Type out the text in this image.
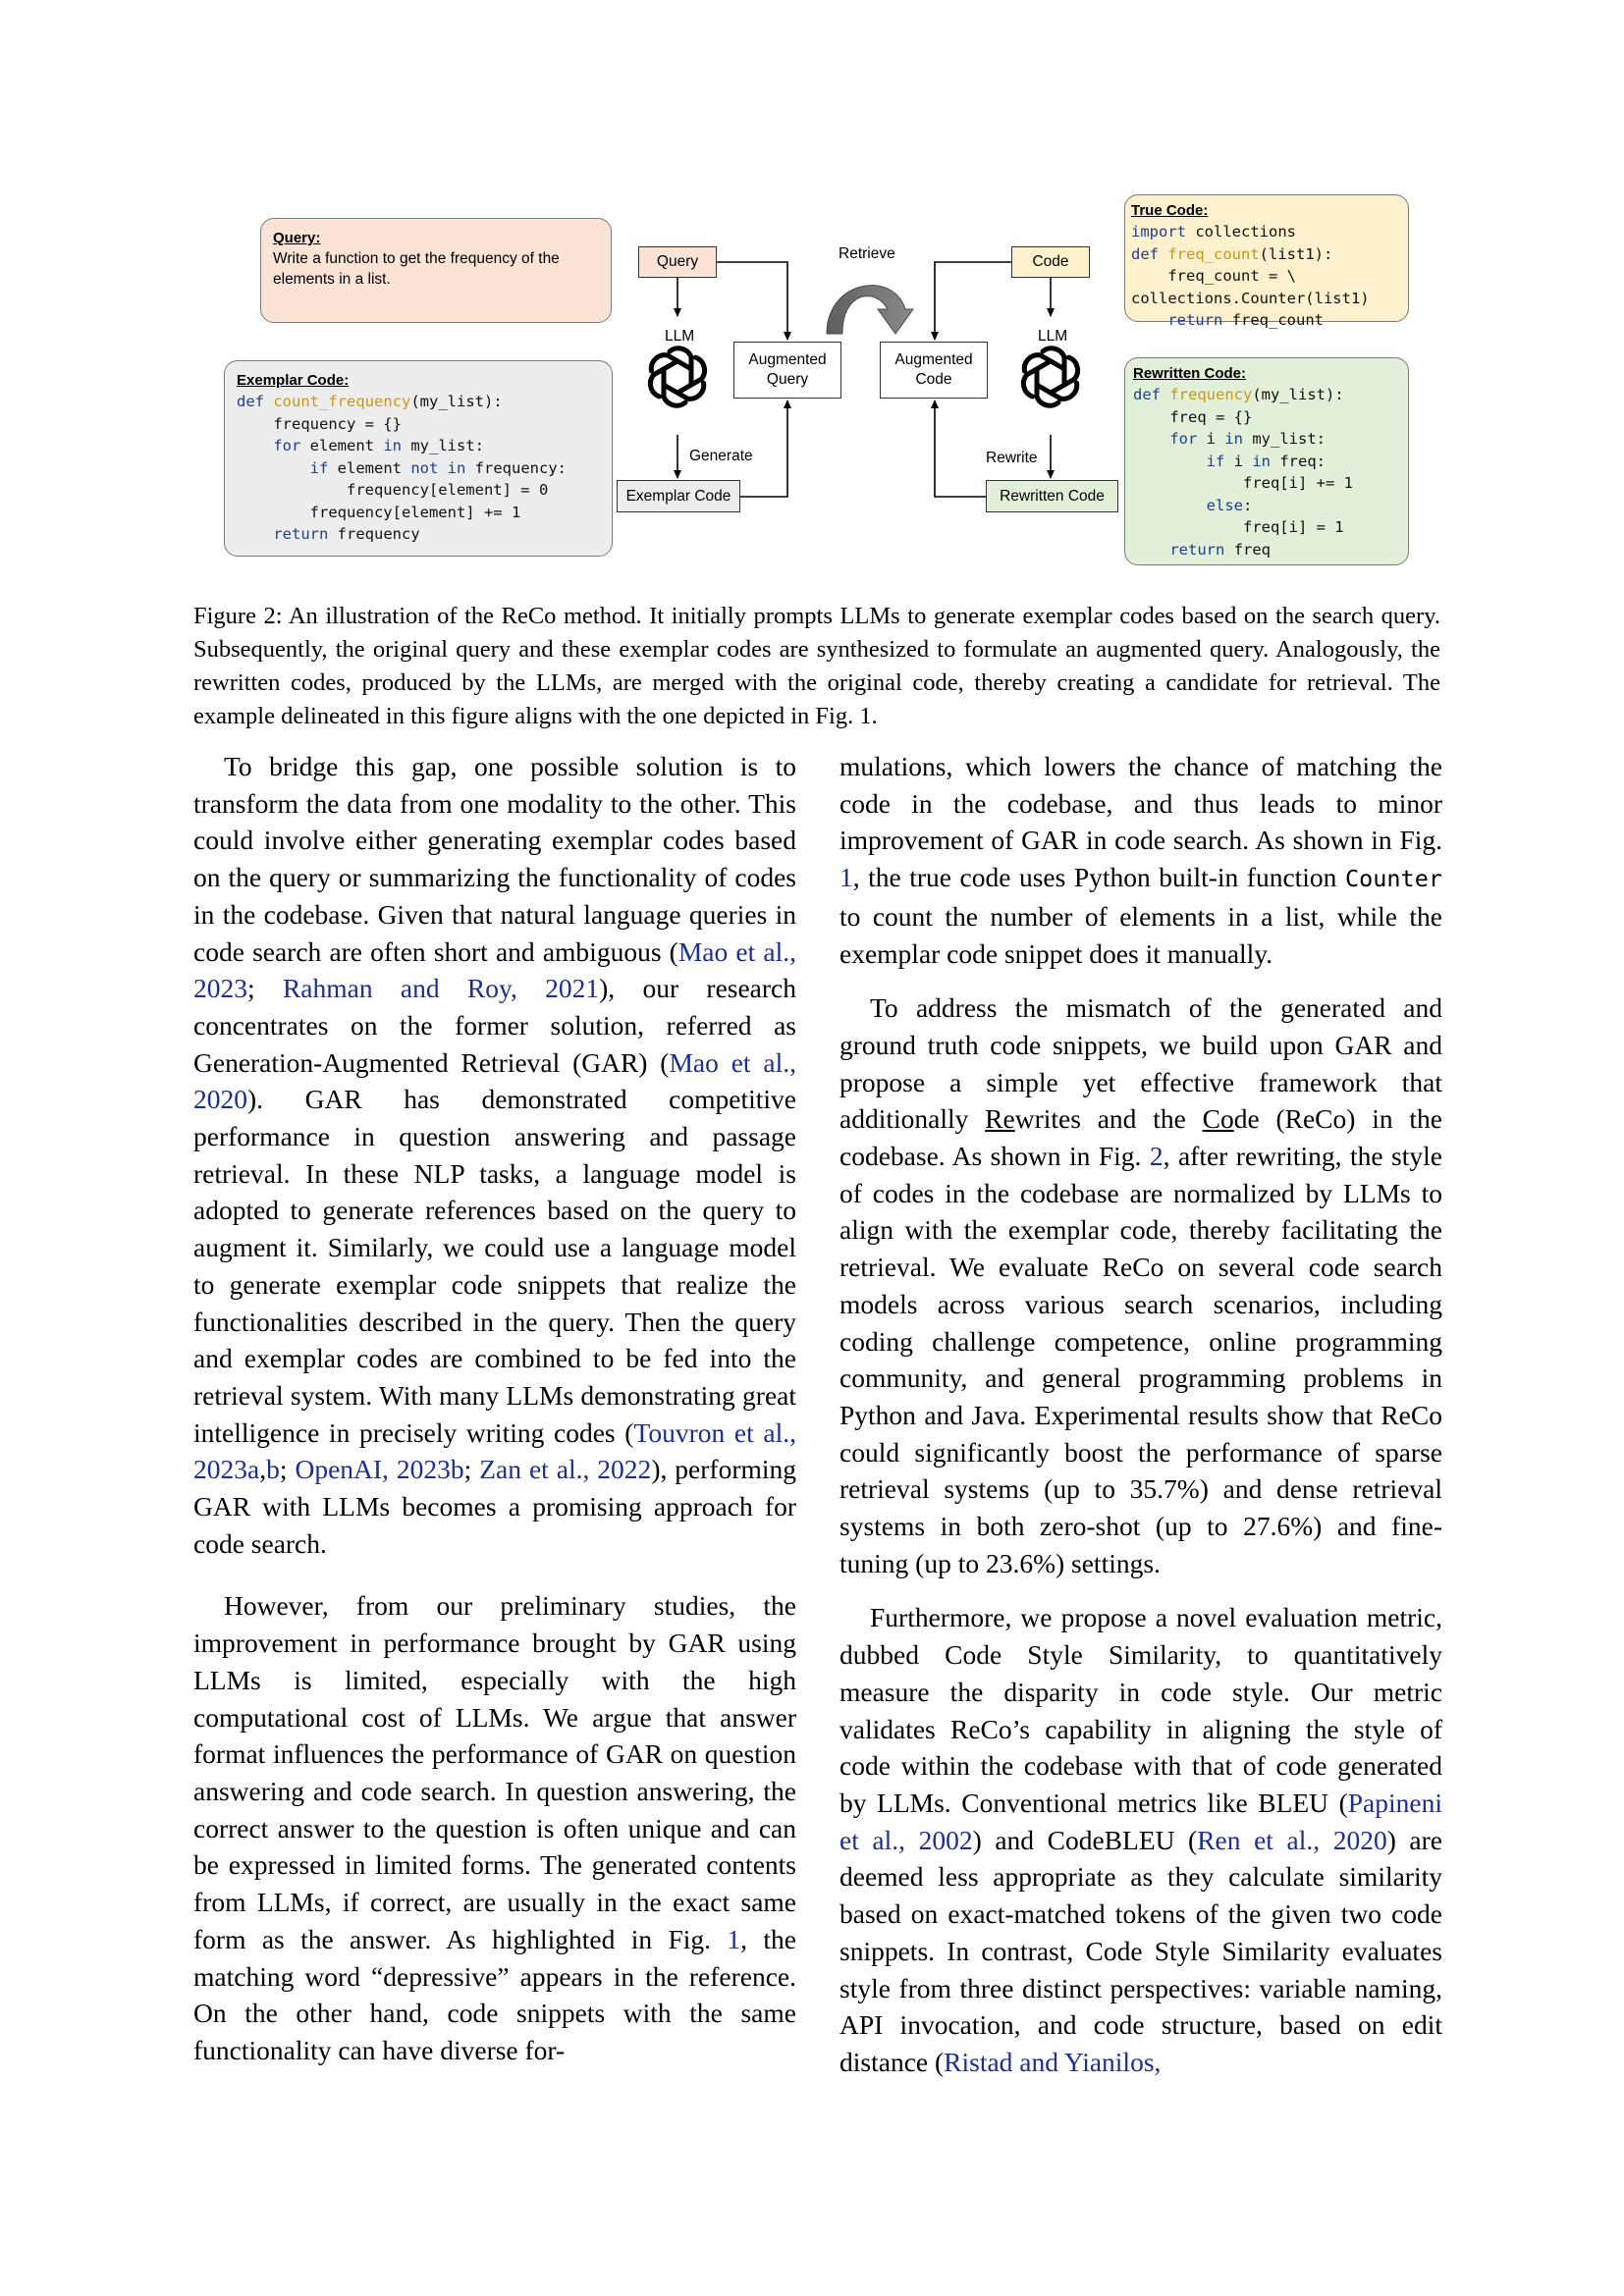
Query:
Write a function to get the frequency of the elements in a list.
Exemplar Code:
def count_frequency(my_list):
frequency = {}
for element in my_list:
if element not in frequency:
frequency[element] = 0
frequency[element] += 1
return frequency
True Code:
import collections
def freq_count(list1):
freq_count = \
collections.Counter(list1)
return freq_count
Rewritten Code:
def frequency(my_list):
freq = {}
for i in my_list:
if i in freq:
freq[i] += 1
else:
freq[i] = 1
return freq
Query	Code
Augmented Query
Augmented Code
Exemplar Code	Rewritten Code
LLM	LLM
Generate	Rewrite
Retrieve
Figure 2: An illustration of the ReCo method. It initially prompts LLMs to generate exemplar codes based on the search query. Subsequently, the original query and these exemplar codes are synthesized to formulate an augmented query. Analogously, the rewritten codes, produced by the LLMs, are merged with the original code, thereby creating a candidate for retrieval. The example delineated in this figure aligns with the one depicted in Fig. 1.

To bridge this gap, one possible solution is to transform the data from one modality to the other. This could involve either generating exemplar codes based on the query or summarizing the functionality of codes in the codebase. Given that natural language queries in code search are often short and ambiguous (Mao et al., 2023; Rahman and Roy, 2021), our research concentrates on the former solution, referred as Generation-Augmented Retrieval (GAR) (Mao et al., 2020). GAR has demonstrated competitive performance in question answering and passage retrieval. In these NLP tasks, a language model is adopted to generate references based on the query to augment it. Similarly, we could use a language model to generate exemplar code snippets that realize the functionalities described in the query. Then the query and exemplar codes are combined to be fed into the retrieval system. With many LLMs demonstrating great intelligence in precisely writing codes (Touvron et al., 2023a,b; OpenAI, 2023b; Zan et al., 2022), performing GAR with LLMs becomes a promising approach for code search.

However, from our preliminary studies, the improvement in performance brought by GAR using LLMs is limited, especially with the high computational cost of LLMs. We argue that answer format influences the performance of GAR on question answering and code search. In question answering, the correct answer to the question is often unique and can be expressed in limited forms. The generated contents from LLMs, if correct, are usually in the exact same form as the answer. As highlighted in Fig. 1, the matching word “depressive” appears in the reference. On the other hand, code snippets with the same functionality can have diverse for-

mulations, which lowers the chance of matching the code in the codebase, and thus leads to minor improvement of GAR in code search. As shown in Fig. 1, the true code uses Python built-in function Counter to count the number of elements in a list, while the exemplar code snippet does it manually.

To address the mismatch of the generated and ground truth code snippets, we build upon GAR and propose a simple yet effective framework that additionally Rewrites and the Code (ReCo) in the codebase. As shown in Fig. 2, after rewriting, the style of codes in the codebase are normalized by LLMs to align with the exemplar code, thereby facilitating the retrieval. We evaluate ReCo on several code search models across various search scenarios, including coding challenge competence, online programming community, and general programming problems in Python and Java. Experimental results show that ReCo could significantly boost the performance of sparse retrieval systems (up to 35.7%) and dense retrieval systems in both zero-shot (up to 27.6%) and fine-tuning (up to 23.6%) settings.

Furthermore, we propose a novel evaluation metric, dubbed Code Style Similarity, to quantitatively measure the disparity in code style. Our metric validates ReCo’s capability in aligning the style of code within the codebase with that of code generated by LLMs. Conventional metrics like BLEU (Papineni et al., 2002) and CodeBLEU (Ren et al., 2020) are deemed less appropriate as they calculate similarity based on exact-matched tokens of the given two code snippets. In contrast, Code Style Similarity evaluates style from three distinct perspectives: variable naming, API invocation, and code structure, based on edit distance (Ristad and Yianilos,
